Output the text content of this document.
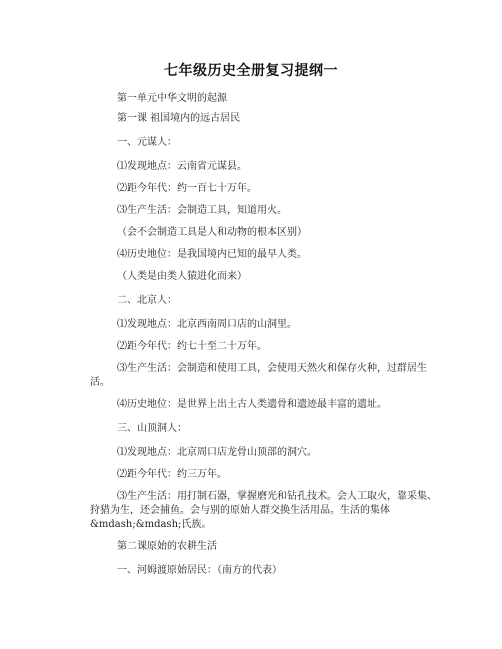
七年级历史全册复习提纲一
第一单元中华文明的起源
第一课 祖国境内的远古居民
一、元谋人：
⑴发现地点：云南省元谋县。
⑵距今年代：约一百七十万年。
⑶生产生活：会制造工具，知道用火。
（会不会制造工具是人和动物的根本区别）
⑷历史地位：是我国境内已知的最早人类。
（人类是由类人猿进化而来）
二、北京人：
⑴发现地点：北京西南周口店的山洞里。
⑵距今年代：约七十至二十万年。
⑶生产生活：会制造和使用工具，会使用天然火和保存火种，过群居生
活。
⑷历史地位：是世界上出土古人类遗骨和遗迹最丰富的遗址。
三、山顶洞人：
⑴发现地点：北京周口店龙骨山顶部的洞穴。
⑵距今年代：约三万年。
⑶生产生活：用打制石器，掌握磨光和钻孔技术。会人工取火，靠采集、
狩猎为生，还会捕鱼。会与别的原始人群交换生活用品。生活的集体
&mdash;&mdash;氏族。
第二课原始的农耕生活
一、河姆渡原始居民：（南方的代表）
